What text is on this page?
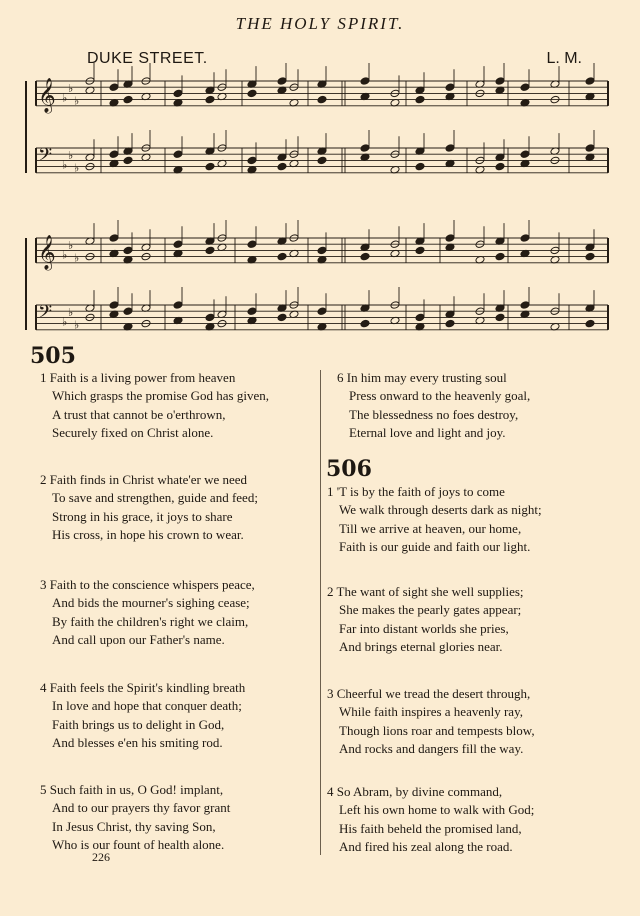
THE HOLY SPIRIT.
DUKE STREET.	L. M.
𝄞 ♭
♭
♭
𝄢 ♭
♭
♭
𝄞 ♭
♭
♭
𝄢 ♭
♭
♭
505
506
1 Faith is a living power from heaven
Which grasps the promise God has given,
A trust that cannot be o'erthrown,
Securely fixed on Christ alone.
2 Faith finds in Christ whate'er we need
To save and strengthen, guide and feed;
Strong in his grace, it joys to share
His cross, in hope his crown to wear.
3 Faith to the conscience whispers peace,
And bids the mourner's sighing cease;
By faith the children's right we claim,
And call upon our Father's name.
4 Faith feels the Spirit's kindling breath
In love and hope that conquer death;
Faith brings us to delight in God,
And blesses e'en his smiting rod.
5 Such faith in us, O God! implant,
And to our prayers thy favor grant
In Jesus Christ, thy saving Son,
Who is our fount of health alone.
6 In him may every trusting soul
Press onward to the heavenly goal,
The blessedness no foes destroy,
Eternal love and light and joy.
1 'T is by the faith of joys to come
We walk through deserts dark as night;
Till we arrive at heaven, our home,
Faith is our guide and faith our light.
2 The want of sight she well supplies;
She makes the pearly gates appear;
Far into distant worlds she pries,
And brings eternal glories near.
3 Cheerful we tread the desert through,
While faith inspires a heavenly ray,
Though lions roar and tempests blow,
And rocks and dangers fill the way.
4 So Abram, by divine command,
Left his own home to walk with God;
His faith beheld the promised land,
And fired his zeal along the road.
226
